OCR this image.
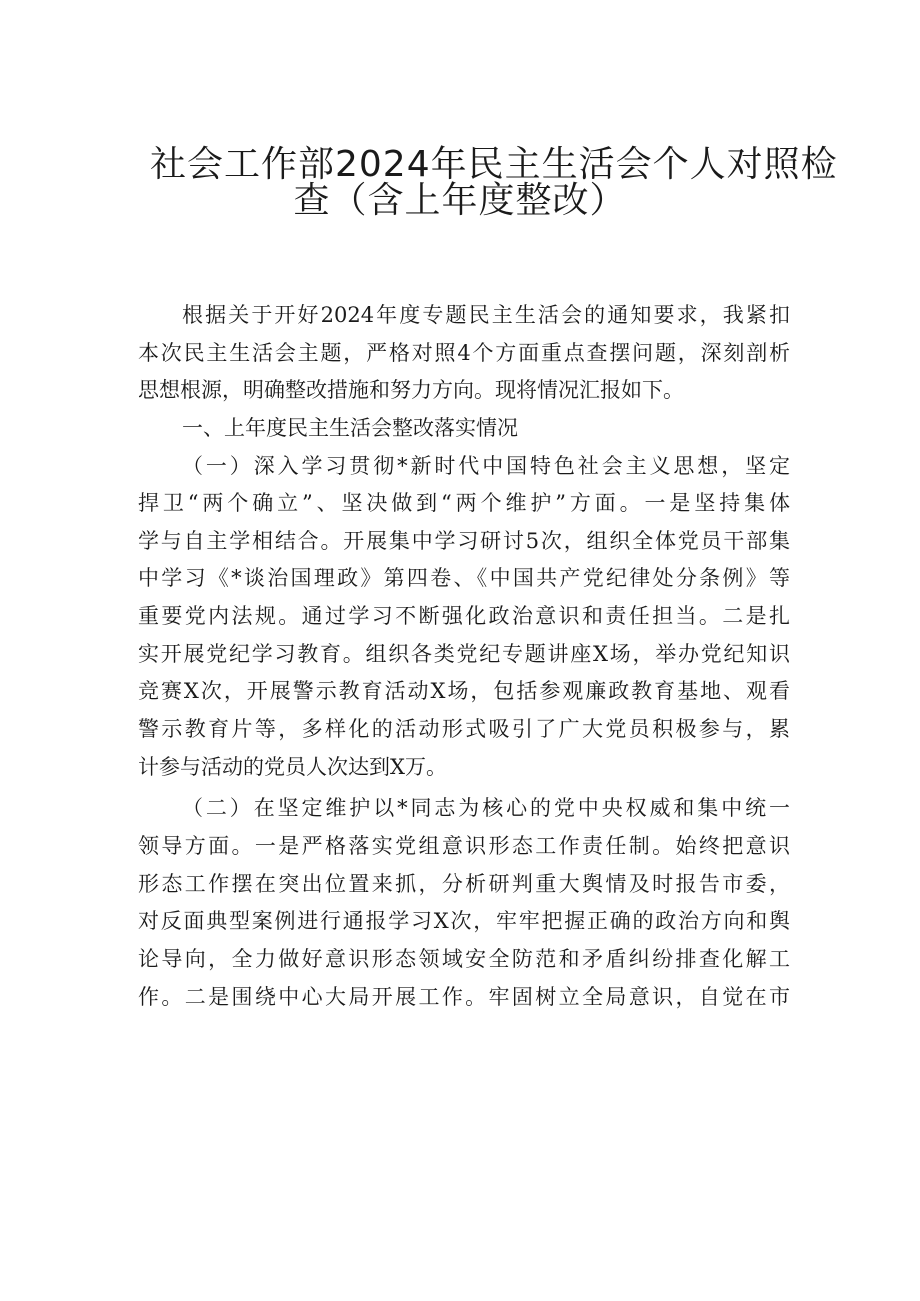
社会工作部2024年民主生活会个人对照检
查（含上年度整改）
根据关于开好2024年度专题民主生活会的通知要求，我紧扣
本次民主生活会主题，严格对照4个方面重点查摆问题，深刻剖析
思想根源，明确整改措施和努力方向。现将情况汇报如下。
一、上年度民主生活会整改落实情况
（一）深入学习贯彻*新时代中国特色社会主义思想，坚定
捍卫“两个确立”、坚决做到“两个维护”方面。一是坚持集体
学与自主学相结合。开展集中学习研讨5次，组织全体党员干部集
中学习《*谈治国理政》第四卷、《中国共产党纪律处分条例》等
重要党内法规。通过学习不断强化政治意识和责任担当。二是扎
实开展党纪学习教育。组织各类党纪专题讲座X场，举办党纪知识
竞赛X次，开展警示教育活动X场，包括参观廉政教育基地、观看
警示教育片等，多样化的活动形式吸引了广大党员积极参与，累
计参与活动的党员人次达到X万。
（二）在坚定维护以*同志为核心的党中央权威和集中统一
领导方面。一是严格落实党组意识形态工作责任制。始终把意识
形态工作摆在突出位置来抓，分析研判重大舆情及时报告市委，
对反面典型案例进行通报学习X次，牢牢把握正确的政治方向和舆
论导向，全力做好意识形态领域安全防范和矛盾纠纷排查化解工
作。二是围绕中心大局开展工作。牢固树立全局意识，自觉在市
